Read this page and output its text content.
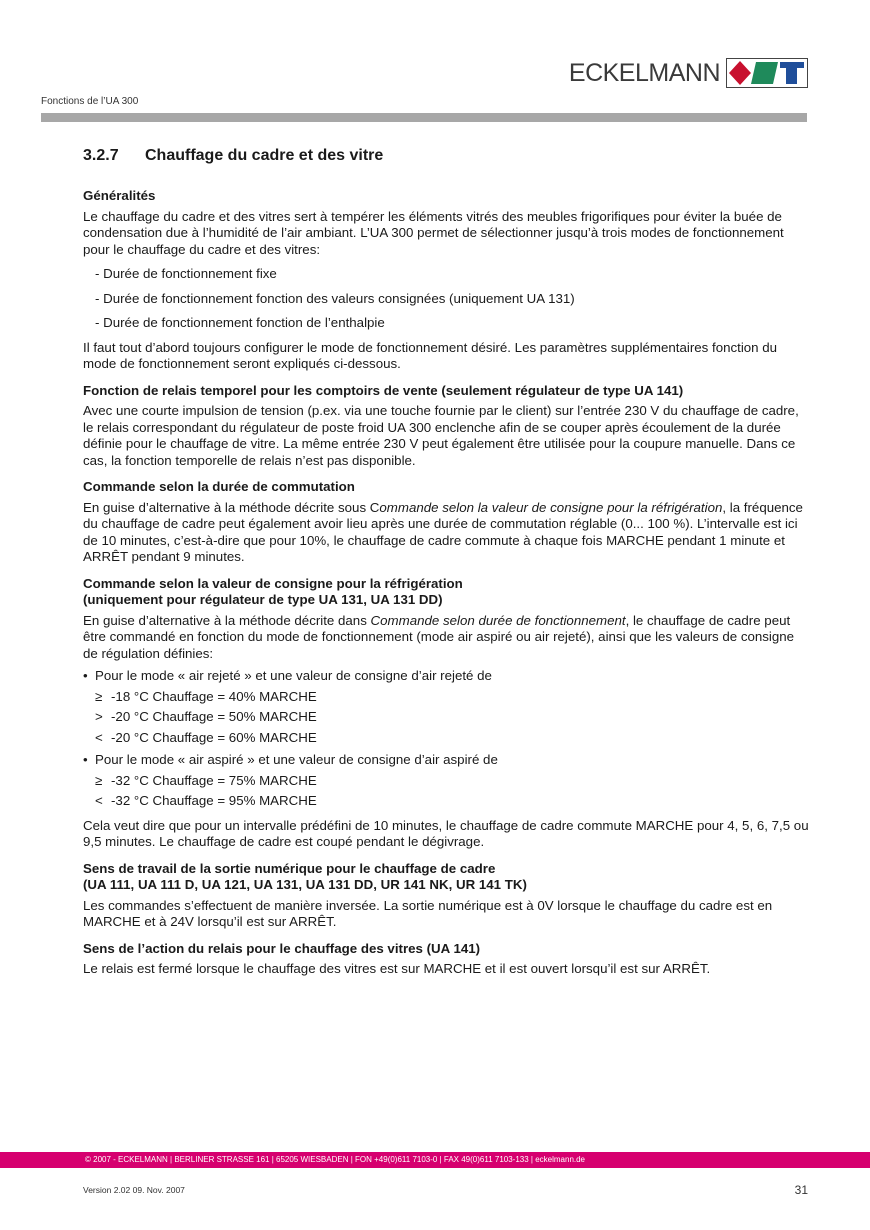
ECKELMANN
Fonctions de l’UA 300
3.2.7 Chauffage du cadre et des vitre
Généralités

Le chauffage du cadre et des vitres sert à tempérer les éléments vitrés des meubles frigorifiques pour éviter la buée de condensation due à l’humidité de l’air ambiant. L’UA 300 permet de sélectionner jusqu’à trois modes de fonctionnement pour le chauffage du cadre et des vitres:

- Durée de fonctionnement fixe
- Durée de fonctionnement fonction des valeurs consignées (uniquement UA 131)
- Durée de fonctionnement fonction de l’enthalpie

Il faut tout d’abord toujours configurer le mode de fonctionnement désiré. Les paramètres supplémentaires fonction du mode de fonctionnement seront expliqués ci-dessous.

Fonction de relais temporel pour les comptoirs de vente (seulement régulateur de type UA 141)

Avec une courte impulsion de tension (p.ex. via une touche fournie par le client) sur l’entrée 230 V du chauffage de cadre, le relais correspondant du régulateur de poste froid UA 300 enclenche afin de se couper après écoulement de la durée définie pour le chauffage de vitre. La même entrée 230 V peut également être utilisée pour la coupure manuelle. Dans ce cas, la fonction temporelle de relais n’est pas disponible.

Commande selon la durée de commutation

En guise d’alternative à la méthode décrite sous Commande selon la valeur de consigne pour la réfrigération, la fréquence du chauffage de cadre peut également avoir lieu après une durée de commutation réglable (0... 100 %). L’intervalle est ici de 10 minutes, c’est-à-dire que pour 10%, le chauffage de cadre commute à chaque fois MARCHE pendant 1 minute et ARRÊT pendant 9 minutes.

Commande selon la valeur de consigne pour la réfrigération
(uniquement pour régulateur de type UA 131, UA 131 DD)

En guise d’alternative à la méthode décrite dans Commande selon durée de fonctionnement, le chauffage de cadre peut être commandé en fonction du mode de fonctionnement (mode air aspiré ou air rejeté), ainsi que les valeurs de consigne de régulation définies:

• Pour le mode « air rejeté » et une valeur de consigne d’air rejeté de
≥ -18 °C Chauffage = 40% MARCHE
> -20 °C Chauffage = 50% MARCHE
< -20 °C Chauffage = 60% MARCHE
• Pour le mode « air aspiré » et une valeur de consigne d’air aspiré de
≥ -32 °C Chauffage = 75% MARCHE
< -32 °C Chauffage = 95% MARCHE

Cela veut dire que pour un intervalle prédéfini de 10 minutes, le chauffage de cadre commute MARCHE pour 4, 5, 6, 7,5 ou 9,5 minutes. Le chauffage de cadre est coupé pendant le dégivrage.

Sens de travail de la sortie numérique pour le chauffage de cadre
(UA 111, UA 111 D, UA 121, UA 131, UA 131 DD, UR 141 NK, UR 141 TK)

Les commandes s’effectuent de manière inversée. La sortie numérique est à 0V lorsque le chauffage du cadre est en MARCHE et à 24V lorsqu’il est sur ARRÊT.

Sens de l’action du relais pour le chauffage des vitres (UA 141)

Le relais est fermé lorsque le chauffage des vitres est sur MARCHE et il est ouvert lorsqu’il est sur ARRÊT.

© 2007 - ECKELMANN | BERLINER STRASSE 161 | 65205 WIESBADEN | FON +49(0)611 7103-0 | FAX 49(0)611 7103-133 | eckelmann.de
Version 2.02 09. Nov. 2007	31
